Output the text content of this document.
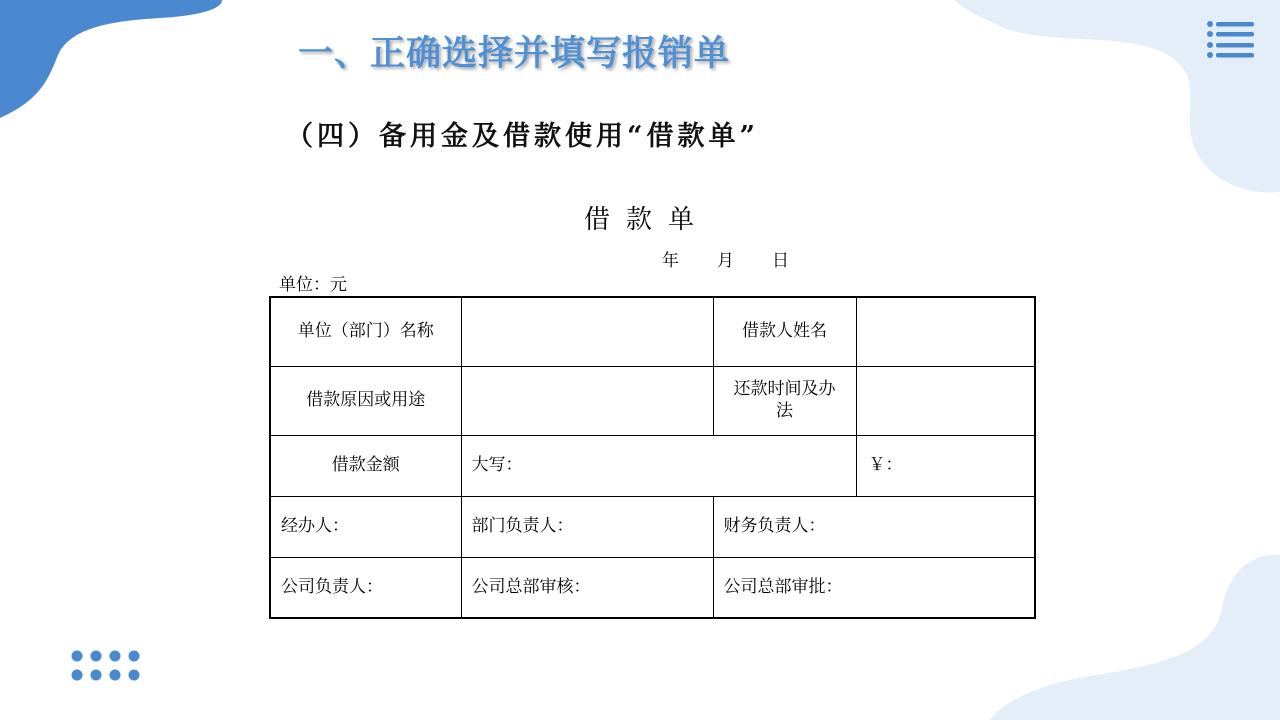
一、正确选择并填写报销单
（四）备用金及借款使用“借款单”
借款单
年 月 日
单位：元
单位（部门）名称		借款人姓名	
借款原因或用途		还款时间及办法	
借款金额	大写：		￥：
经办人：	部门负责人：	财务负责人：	
公司负责人：	公司总部审核：	公司总部审批：	
